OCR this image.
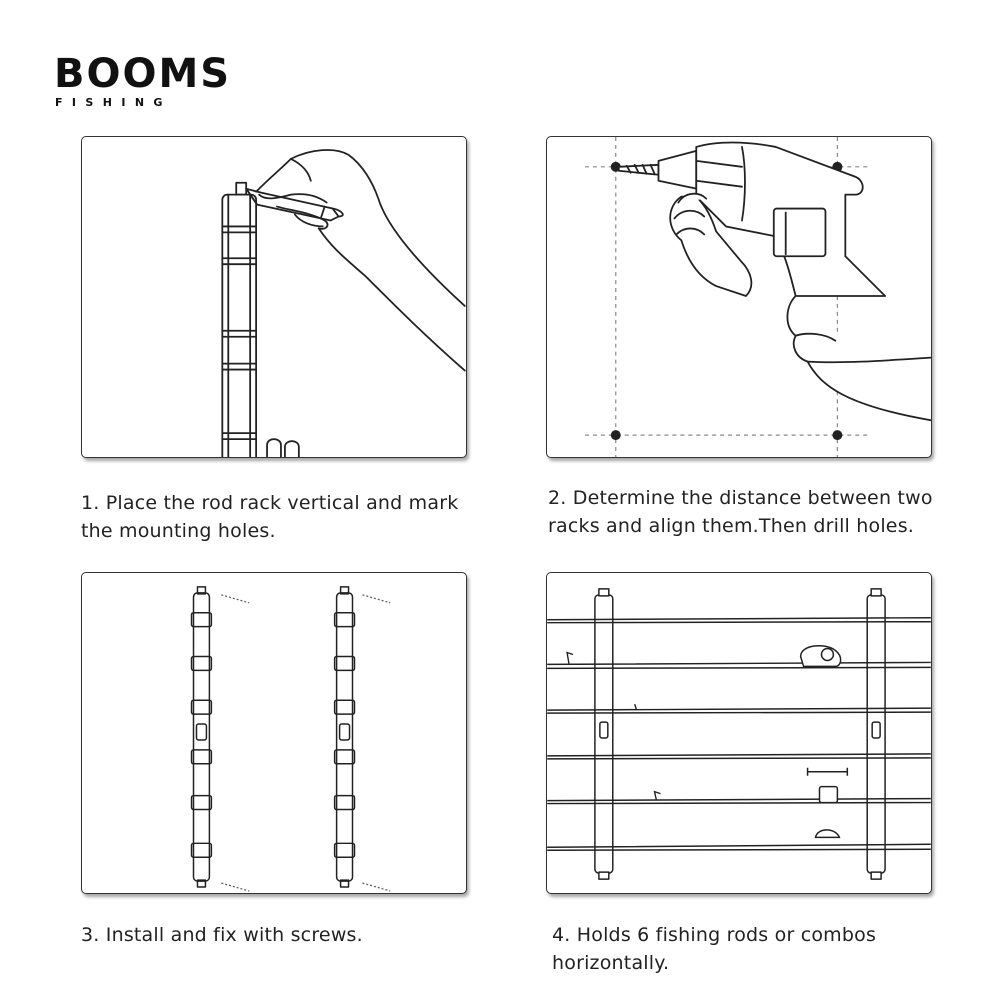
BOOMS
FISHING
1. Place the rod rack vertical and mark the mounting holes.
2. Determine the distance between two racks and align them.Then drill holes.
3. Install and fix with screws.	4. Holds 6 fishing rods or combos horizontally.
